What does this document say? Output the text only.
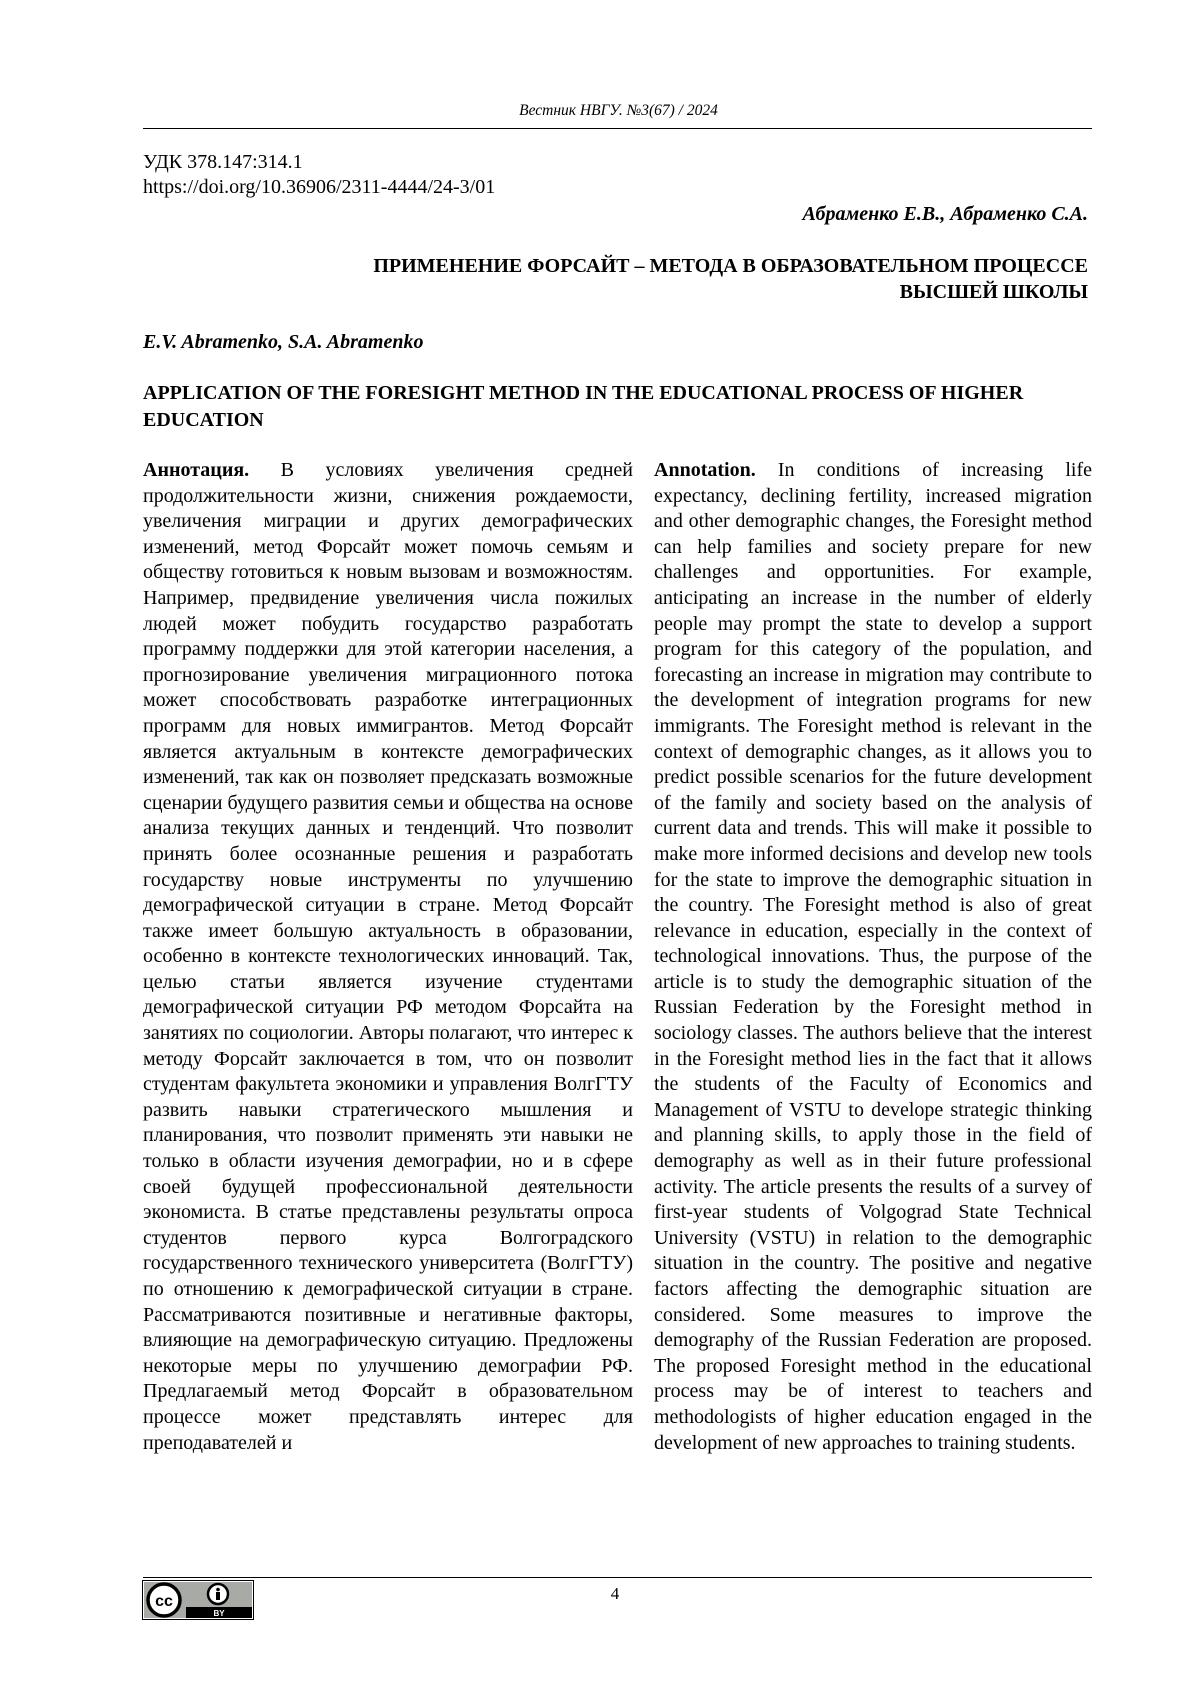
Вестник НВГУ. №3(67) / 2024
УДК 378.147:314.1
https://doi.org/10.36906/2311-4444/24-3/01
Абраменко Е.В., Абраменко С.А.
ПРИМЕНЕНИЕ ФОРСАЙТ – МЕТОДА В ОБРАЗОВАТЕЛЬНОМ ПРОЦЕССЕ
ВЫСШЕЙ ШКОЛЫ
E.V. Abramenko, S.A. Abramenko
APPLICATION OF THE FORESIGHT METHOD IN THE EDUCATIONAL PROCESS OF HIGHER EDUCATION
Аннотация. В условиях увеличения средней продолжительности жизни, снижения рождаемости, увеличения миграции и других демографических изменений, метод Форсайт может помочь семьям и обществу готовиться к новым вызовам и возможностям. Например, предвидение увеличения числа пожилых людей может побудить государство разработать программу поддержки для этой категории населения, а прогнозирование увеличения миграционного потока может способствовать разработке интеграционных программ для новых иммигрантов. Метод Форсайт является актуальным в контексте демографических изменений, так как он позволяет предсказать возможные сценарии будущего развития семьи и общества на основе анализа текущих данных и тенденций. Что позволит принять более осознанные решения и разработать государству новые инструменты по улучшению демографической ситуации в стране. Метод Форсайт также имеет большую актуальность в образовании, особенно в контексте технологических инноваций. Так, целью статьи является изучение студентами демографической ситуации РФ методом Форсайта на занятиях по социологии. Авторы полагают, что интерес к методу Форсайт заключается в том, что он позволит студентам факультета экономики и управления ВолгГТУ развить навыки стратегического мышления и планирования, что позволит применять эти навыки не только в области изучения демографии, но и в сфере своей будущей профессиональной деятельности экономиста. В статье представлены результаты опроса студентов первого курса Волгоградского государственного технического университета (ВолгГТУ) по отношению к демографической ситуации в стране. Рассматриваются позитивные и негативные факторы, влияющие на демографическую ситуацию. Предложены некоторые меры по улучшению демографии РФ. Предлагаемый метод Форсайт в образовательном процессе может представлять интерес для преподавателей и
Annotation. In conditions of increasing life expectancy, declining fertility, increased migration and other demographic changes, the Foresight method can help families and society prepare for new challenges and opportunities. For example, anticipating an increase in the number of elderly people may prompt the state to develop a support program for this category of the population, and forecasting an increase in migration may contribute to the development of integration programs for new immigrants. The Foresight method is relevant in the context of demographic changes, as it allows you to predict possible scenarios for the future development of the family and society based on the analysis of current data and trends. This will make it possible to make more informed decisions and develop new tools for the state to improve the demographic situation in the country. The Foresight method is also of great relevance in education, especially in the context of technological innovations. Thus, the purpose of the article is to study the demographic situation of the Russian Federation by the Foresight method in sociology classes. The authors believe that the interest in the Foresight method lies in the fact that it allows the students of the Faculty of Economics and Management of VSTU to develope strategic thinking and planning skills, to apply those in the field of demography as well as in their future professional activity. The article presents the results of a survey of first-year students of Volgograd State Technical University (VSTU) in relation to the demographic situation in the country. The positive and negative factors affecting the demographic situation are considered. Some measures to improve the demography of the Russian Federation are proposed. The proposed Foresight method in the educational process may be of interest to teachers and methodologists of higher education engaged in the development of new approaches to training students.
cc
BY
4
